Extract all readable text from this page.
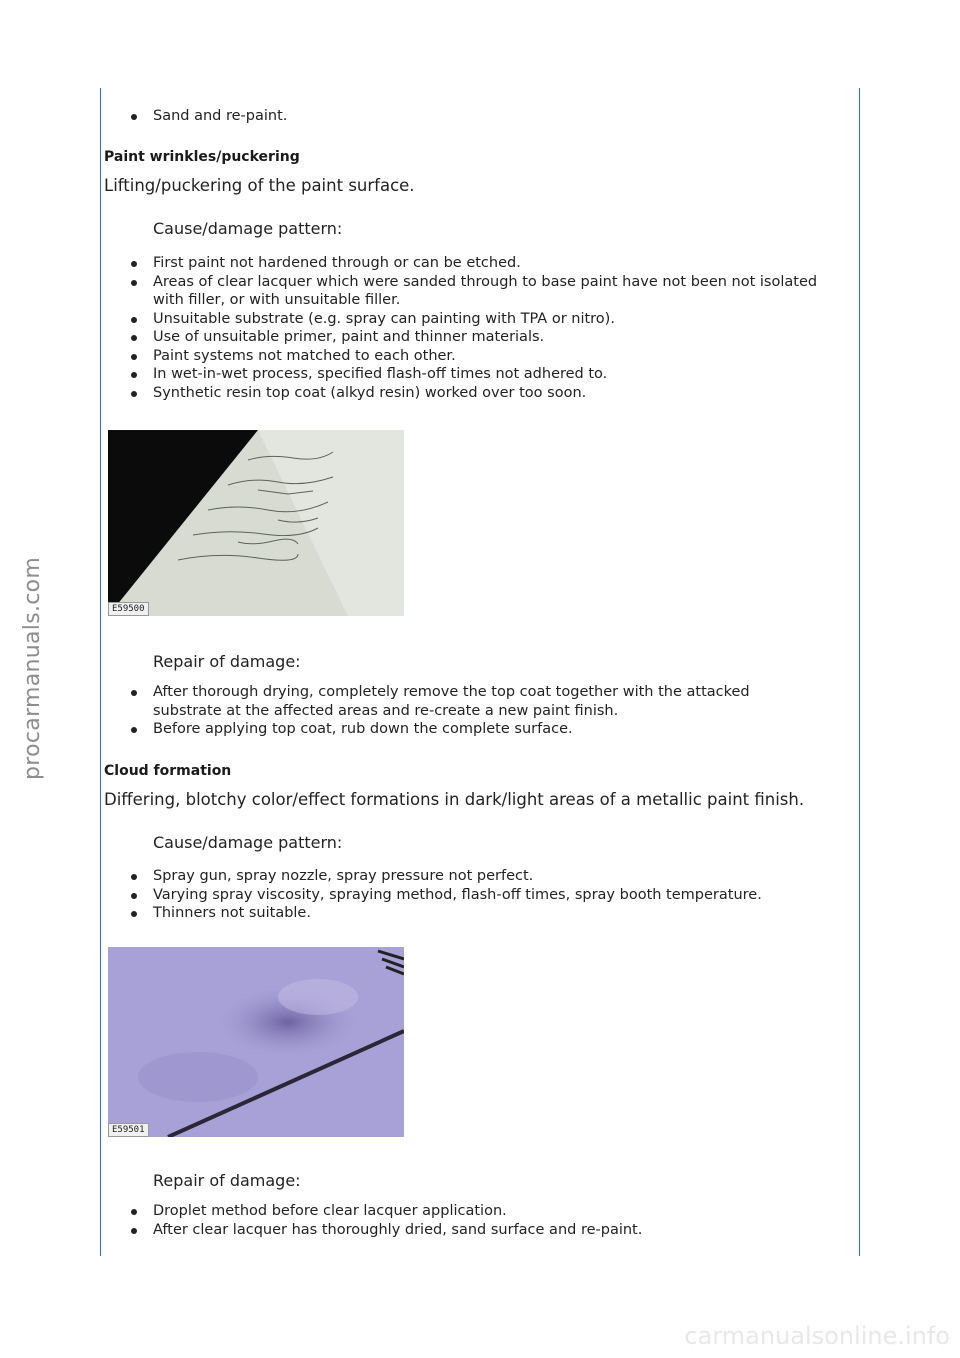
procarmanuals.com
carmanualsonline.info
Sand and re-paint.
Paint wrinkles/puckering
Lifting/puckering of the paint surface.
Cause/damage pattern:
First paint not hardened through or can be etched.
Areas of clear lacquer which were sanded through to base paint have not been not isolated with filler, or with unsuitable filler.
Unsuitable substrate (e.g. spray can painting with TPA or nitro).
Use of unsuitable primer, paint and thinner materials.
Paint systems not matched to each other.
In wet-in-wet process, specified flash-off times not adhered to.
Synthetic resin top coat (alkyd resin) worked over too soon.
E59500
Repair of damage:
After thorough drying, completely remove the top coat together with the attacked substrate at the affected areas and re-create a new paint finish.
Before applying top coat, rub down the complete surface.
Cloud formation
Differing, blotchy color/effect formations in dark/light areas of a metallic paint finish.
Cause/damage pattern:
Spray gun, spray nozzle, spray pressure not perfect.
Varying spray viscosity, spraying method, flash-off times, spray booth temperature.
Thinners not suitable.
E59501
Repair of damage:
Droplet method before clear lacquer application.
After clear lacquer has thoroughly dried, sand surface and re-paint.
